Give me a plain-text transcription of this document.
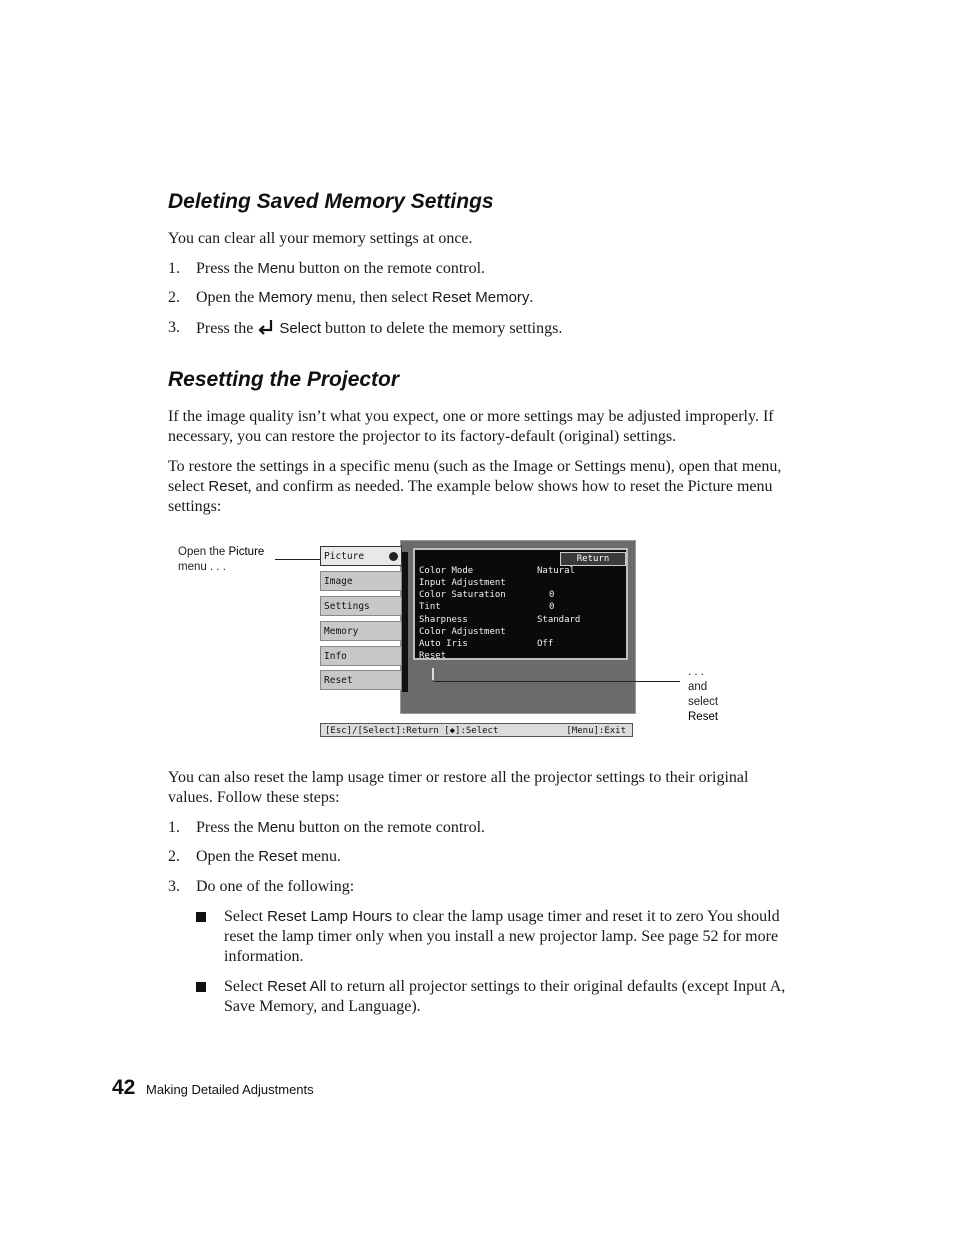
Deleting Saved Memory Settings

You can clear all your memory settings at once.

1. Press the Menu button on the remote control.
2. Open the Memory menu, then select Reset Memory.
3. Press the Select button to delete the memory settings.
Resetting the Projector

If the image quality isn’t what you expect, one or more settings may be adjusted improperly. If necessary, you can restore the projector to its factory-default (original) settings.

To restore the settings in a specific menu (such as the Image or Settings menu), open that menu, select Reset, and confirm as needed. The example below shows how to reset the Picture menu settings:

Open the Picture
menu . . .
Picture
Image
Settings
Memory
Info
Reset
Return
Color Mode	Natural
Input Adjustment
Color Saturation	0
Tint	0
Sharpness	Standard
Color Adjustment
Auto Iris	Off
Reset
. . . and select
Reset
[Esc]/[Select]:Return [◆]:Select	[Menu]:Exit

You can also reset the lamp usage timer or restore all the projector settings to their original values. Follow these steps:

1. Press the Menu button on the remote control.
2. Open the Reset menu.
3. Do one of the following:
Select Reset Lamp Hours to clear the lamp usage timer and reset it to zero You should reset the lamp timer only when you install a new projector lamp. See page 52 for more information.
Select Reset All to return all projector settings to their original defaults (except Input A, Save Memory, and Language).
42 Making Detailed Adjustments
